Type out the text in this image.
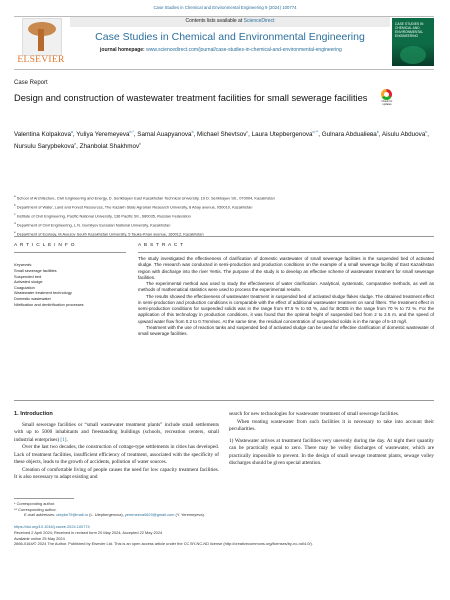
Case Studies in Chemical and Environmental Engineering 9 (2024) 100774
ELSEVIER
Contents lists available at ScienceDirect
Case Studies in Chemical and Environmental Engineering
journal homepage: www.sciencedirect.com/journal/case-studies-in-chemical-and-environmental-engineering
CASE STUDIES IN CHEMICAL AND ENVIRONMENTAL ENGINEERING
Case Report
Design and construction of wastewater treatment facilities for small sewerage facilities	Check for updates
Valentina Kolpakova$^a$, Yuliya Yeremeyeva$^{b,*}$, Samal Auapyanova$^b$, Michael Shevtsov$^c$, Laura Utepbergenova$^{d,**}$, Gulnara Abdualiева$^b$, Aisulu Abduova$^b$, Nursulu Sarypbekova$^e$, Zhanbolat Shakhmov$^b$
$^a$ School of Architecture, Civil Engineering and Energy, D. Serikbayev East Kazakhstan Technical University, 19 D. Serikbayev Str., 070004, Kazakhstan
$^b$ Department of Water, Land and Forest Resources, The Kazakh State Agrarian Research University, 8 Abay avenue, 050010, Kazakhstan
$^c$ Institute of Civil Engineering, Pacific National University, 136 Pacific Str., 680035, Russian Federation
$^d$ Department of Civil Engineering, L.N. Gumilyov Eurasian National University, Kazakhstan
$^e$ Department of Ecology, M.Auezov South Kazakhstan University, 5 Tauke-Khan avenue, 160012, Kazakhstan
A R T I C L E I N F O	A B S T R A C T
Keywords:
Small sewerage facilities
Suspended bed
Activated sludge
Coagulation
Wastewater treatment technology
Domestic wastewater
Nitrification and denitrification processes

The study investigated the effectiveness of clarification of domestic wastewater of small sewerage facilities in the suspended bed of activated sludge. The research was conducted in semi-production and production conditions on the example of a small sewerage facility of East Kazakhstan region with discharge into the river Yertis. The purpose of the study is to develop an effective scheme of wastewater treatment for small sewerage facilities.

The experimental method was used to study the effectiveness of water clarification. Analytical, systematic, comparative methods, as well as methods of mathematical statistics were used to process the experimental results.

The results showed the effectiveness of wastewater treatment in suspended bed of activated sludge flakes sludge. The obtained treatment effect in semi-production and production conditions is comparable with the effect of additional wastewater treatment on sand filters. The treatment effect in semi-production conditions for suspended solids was in the range from 87.5 % to 93 %, and for BOD5 in the range from 70 % to 72 %. For the application of this technology in production conditions, it was found that the optimal height of suspended bed from 2 to 2.5 m, and the speed of upward water flow from 0.2 to 0.7mm/sec. At the same time, the residual concentration of suspended solids is in the range of 5-10 mg/l.

Treatment with the use of reaction tanks and suspended bed of activated sludge can be used for effective clarification of domestic wastewater of small sewerage facilities.

1. Introduction

Small sewerage facilities or “small wastewater treatment plants” include small settlements with up to 5000 inhabitants and freestanding buildings (schools, recreation centers, small industrial enterprises) [1].

Over the last two decades, the construction of cottage-type settlements in cities has developed. Lack of treatment facilities, insufficient efficiency of treatment, associated with the specificity of these objects, leads to the growth of accidents, pollution of water sources.

Creation of comfortable living of people causes the need for low capacity treatment facilities. It is also necessary to adapt existing and

search for new technologies for wastewater treatment of small sewerage facilities.

When treating wastewater from such facilities it is necessary to take into account their peculiarities.

1) Wastewater arrives at treatment facilities very unevenly during the day. At night their quantity can be practically equal to zero. There may be volley discharges of wastewater, which are practically impossible to prevent. In the design of small sewage treatment plants, sewage volley discharges should be given special attention.

* Corresponding author.
** Corresponding author.
E-mail addresses: utepbe79@mail.ru (L. Utepbergenova), yeremeeva0629@gmail.com (Y. Yeremeyeva).
https://doi.org/10.1016/j.cscee.2024.100774
Received 2 April 2024; Received in revised form 20 May 2024; Accepted 22 May 2024
Available online 25 May 2024
2666-0164/© 2024 The Author. Published by Elsevier Ltd. This is an open access article under the CC BY-NC-ND license (http://creativecommons.org/licenses/by-nc-nd/4.0/).
